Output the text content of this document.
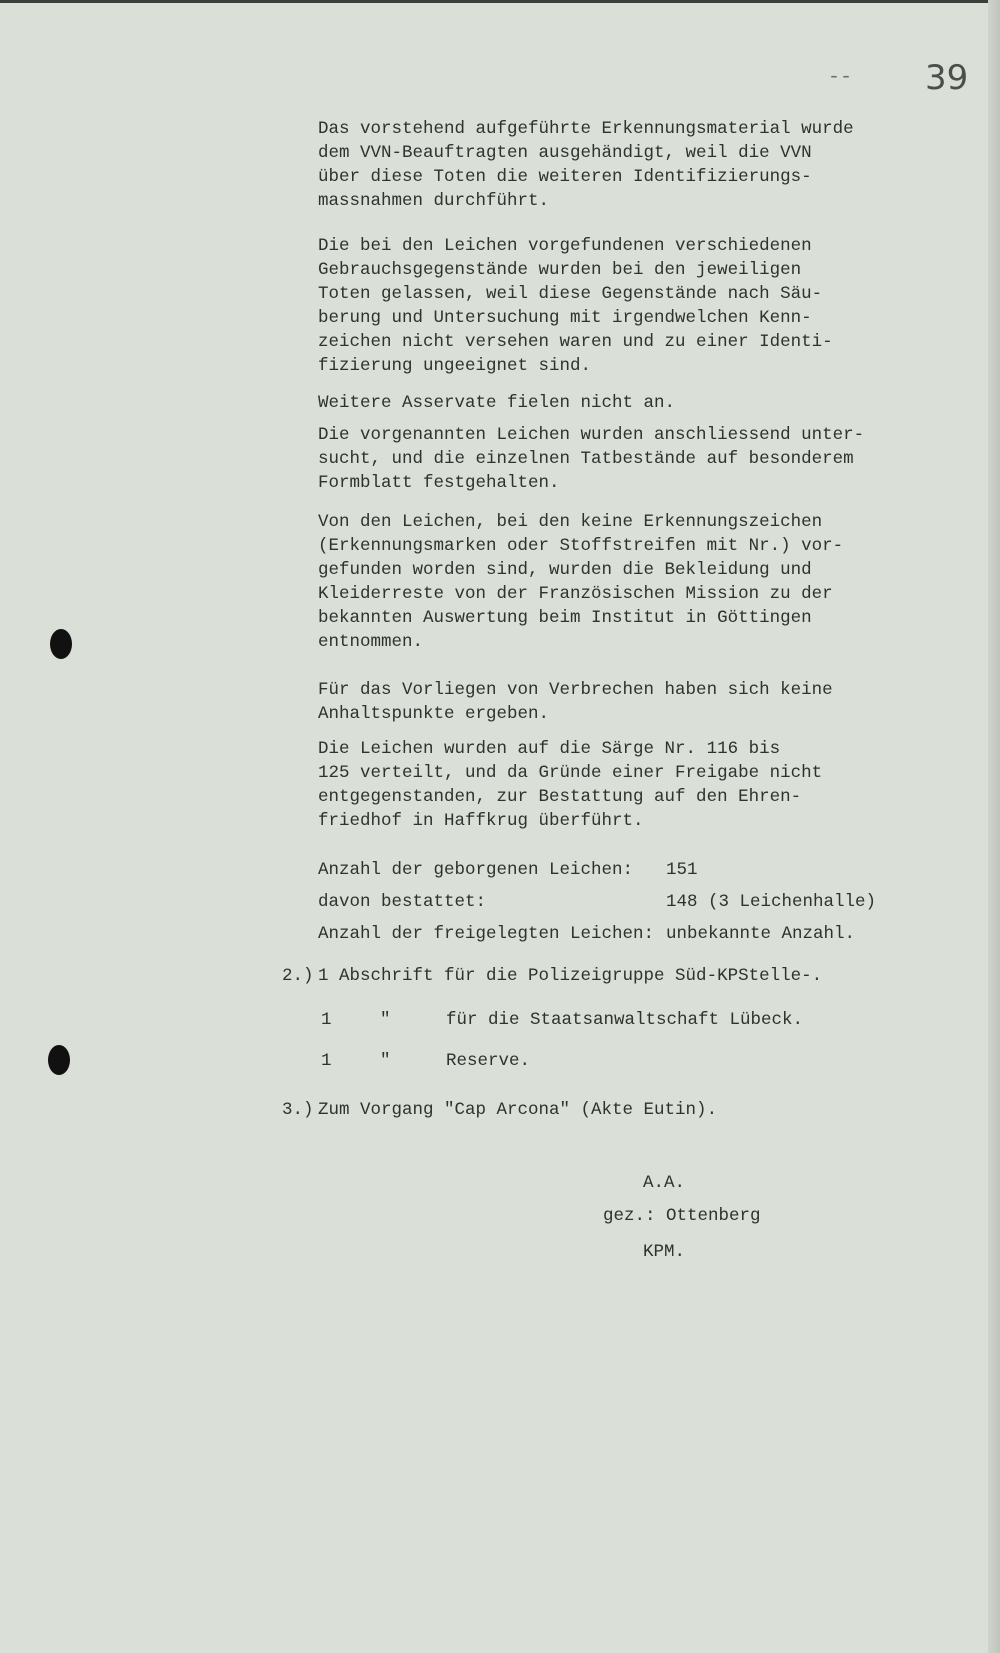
-- 39
Das vorstehend aufgeführte Erkennungsmaterial wurde
dem VVN-Beauftragten ausgehändigt, weil die VVN
über diese Toten die weiteren Identifizierungs-
massnahmen durchführt.
Die bei den Leichen vorgefundenen verschiedenen
Gebrauchsgegenstände wurden bei den jeweiligen
Toten gelassen, weil diese Gegenstände nach Säu-
berung und Untersuchung mit irgendwelchen Kenn-
zeichen nicht versehen waren und zu einer Identi-
fizierung ungeeignet sind.
Weitere Asservate fielen nicht an.
Die vorgenannten Leichen wurden anschliessend unter-
sucht, und die einzelnen Tatbestände auf besonderem
Formblatt festgehalten.
Von den Leichen, bei den keine Erkennungszeichen
(Erkennungsmarken oder Stoffstreifen mit Nr.) vor-
gefunden worden sind, wurden die Bekleidung und
Kleiderreste von der Französischen Mission zu der
bekannten Auswertung beim Institut in Göttingen
entnommen.
Für das Vorliegen von Verbrechen haben sich keine
Anhaltspunkte ergeben.
Die Leichen wurden auf die Särge Nr. 116 bis
125 verteilt, und da Gründe einer Freigabe nicht
entgegenstanden, zur Bestattung auf den Ehren-
friedhof in Haffkrug überführt.
Anzahl der geborgenen Leichen: 151
davon bestattet:	148 (3 Leichenhalle)
Anzahl der freigelegten Leichen: unbekannte Anzahl.
2.) 1 Abschrift für die Polizeigruppe Süd-KPStelle-.
1	"	für die Staatsanwaltschaft Lübeck.
1	"	Reserve.
3.) Zum Vorgang "Cap Arcona" (Akte Eutin).
A.A.
gez.: Ottenberg
KPM.
